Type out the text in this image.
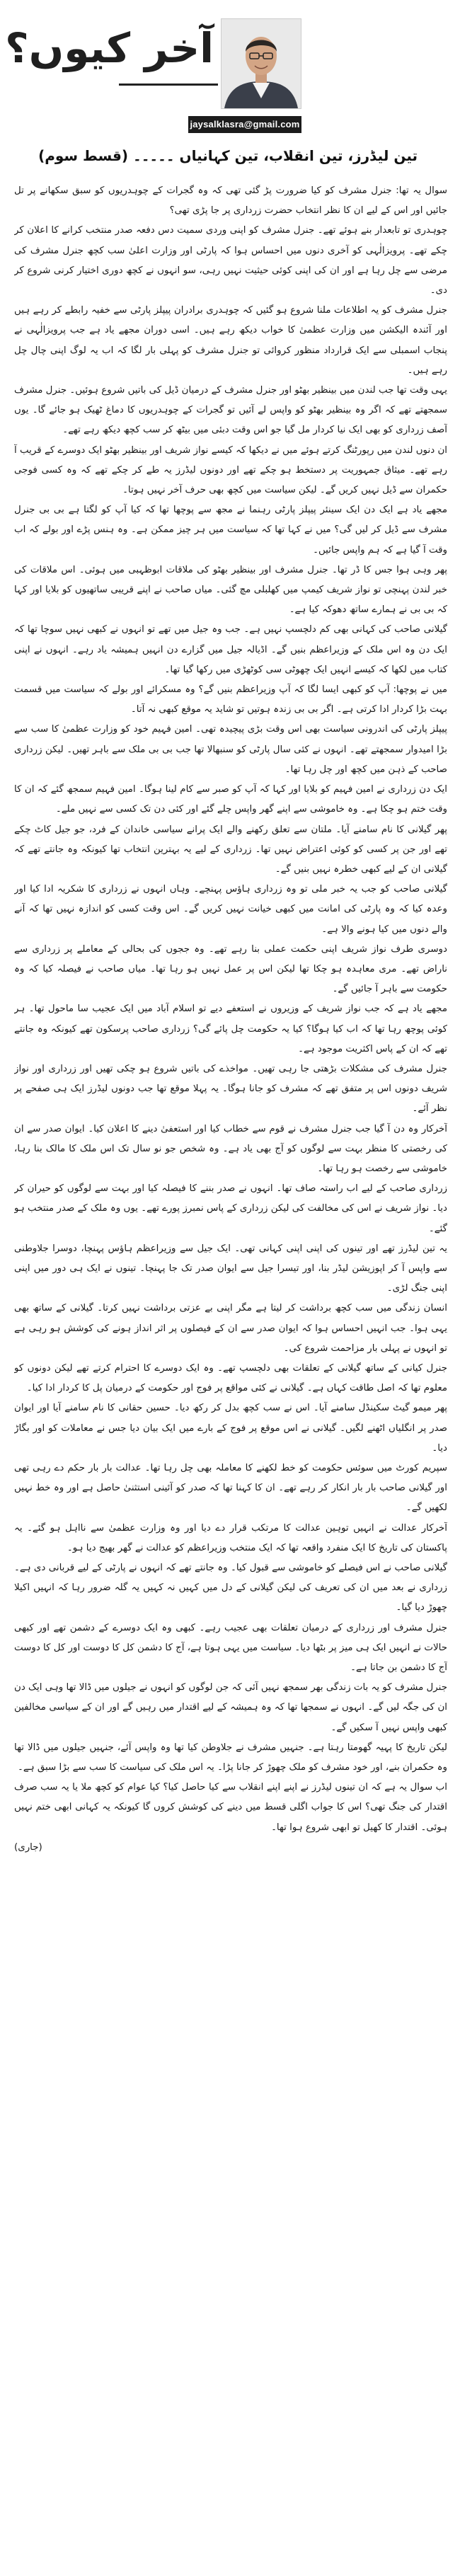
آخر کیوں؟
jaysalklasra@gmail.com
تین لیڈرز، تین انقلاب، تین کہانیاں ۔۔۔۔۔ (قسط سوم)

سوال یہ تھا: جنرل مشرف کو کیا ضرورت پڑ گئی تھی کہ وہ گجرات کے چوہدریوں کو سبق سکھانے پر تل جائیں اور اس کے لیے ان کا نظر انتخاب حضرت زرداری پر جا پڑی تھی؟

چوہدری تو تابعدار بنے ہوئے تھے۔ جنرل مشرف کو اپنی وردی سمیت دس دفعہ صدر منتخب کرانے کا اعلان کر چکے تھے۔ پرویزالٰہی کو آخری دنوں میں احساس ہوا کہ پارٹی اور وزارت اعلیٰ سب کچھ جنرل مشرف کی مرضی سے چل رہا ہے اور ان کی اپنی کوئی حیثیت نہیں رہی، سو انہوں نے کچھ دوری اختیار کرنی شروع کر دی۔

جنرل مشرف کو یہ اطلاعات ملنا شروع ہو گئیں کہ چوہدری برادران پیپلز پارٹی سے خفیہ رابطے کر رہے ہیں اور آئندہ الیکشن میں وزارت عظمیٰ کا خواب دیکھ رہے ہیں۔ اسی دوران مجھے یاد ہے جب پرویزالٰہی نے پنجاب اسمبلی سے ایک قرارداد منظور کروائی تو جنرل مشرف کو پہلی بار لگا کہ اب یہ لوگ اپنی چال چل رہے ہیں۔

یہی وقت تھا جب لندن میں بینظیر بھٹو اور جنرل مشرف کے درمیان ڈیل کی باتیں شروع ہوئیں۔ جنرل مشرف سمجھتے تھے کہ اگر وہ بینظیر بھٹو کو واپس لے آئیں تو گجرات کے چوہدریوں کا دماغ ٹھیک ہو جائے گا۔ یوں آصف زرداری کو بھی ایک نیا کردار مل گیا جو اس وقت دبئی میں بیٹھ کر سب کچھ دیکھ رہے تھے۔

ان دنوں لندن میں رپورٹنگ کرتے ہوئے میں نے دیکھا کہ کیسے نواز شریف اور بینظیر بھٹو ایک دوسرے کے قریب آ رہے تھے۔ میثاق جمہوریت پر دستخط ہو چکے تھے اور دونوں لیڈرز یہ طے کر چکے تھے کہ وہ کسی فوجی حکمران سے ڈیل نہیں کریں گے۔ لیکن سیاست میں کچھ بھی حرف آخر نہیں ہوتا۔

مجھے یاد ہے ایک دن ایک سینئر پیپلز پارٹی رہنما نے مجھ سے پوچھا تھا کہ کیا آپ کو لگتا ہے بی بی جنرل مشرف سے ڈیل کر لیں گی؟ میں نے کہا تھا کہ سیاست میں ہر چیز ممکن ہے۔ وہ ہنس پڑے اور بولے کہ اب وقت آ گیا ہے کہ ہم واپس جائیں۔

پھر وہی ہوا جس کا ڈر تھا۔ جنرل مشرف اور بینظیر بھٹو کی ملاقات ابوظہبی میں ہوئی۔ اس ملاقات کی خبر لندن پہنچی تو نواز شریف کیمپ میں کھلبلی مچ گئی۔ میاں صاحب نے اپنے قریبی ساتھیوں کو بلایا اور کہا کہ بی بی نے ہمارے ساتھ دھوکہ کیا ہے۔

گیلانی صاحب کی کہانی بھی کم دلچسپ نہیں ہے۔ جب وہ جیل میں تھے تو انہوں نے کبھی نہیں سوچا تھا کہ ایک دن وہ اس ملک کے وزیراعظم بنیں گے۔ اڈیالہ جیل میں گزارے دن انہیں ہمیشہ یاد رہے۔ انہوں نے اپنی کتاب میں لکھا کہ کیسے انہیں ایک چھوٹی سی کوٹھڑی میں رکھا گیا تھا۔

میں نے پوچھا: آپ کو کبھی ایسا لگا کہ آپ وزیراعظم بنیں گے؟ وہ مسکرائے اور بولے کہ سیاست میں قسمت بہت بڑا کردار ادا کرتی ہے۔ اگر بی بی زندہ ہوتیں تو شاید یہ موقع کبھی نہ آتا۔

پیپلز پارٹی کی اندرونی سیاست بھی اس وقت بڑی پیچیدہ تھی۔ امین فہیم خود کو وزارت عظمیٰ کا سب سے بڑا امیدوار سمجھتے تھے۔ انہوں نے کئی سال پارٹی کو سنبھالا تھا جب بی بی ملک سے باہر تھیں۔ لیکن زرداری صاحب کے ذہن میں کچھ اور چل رہا تھا۔

ایک دن زرداری نے امین فہیم کو بلایا اور کہا کہ آپ کو صبر سے کام لینا ہوگا۔ امین فہیم سمجھ گئے کہ ان کا وقت ختم ہو چکا ہے۔ وہ خاموشی سے اپنے گھر واپس چلے گئے اور کئی دن تک کسی سے نہیں ملے۔

پھر گیلانی کا نام سامنے آیا۔ ملتان سے تعلق رکھنے والے ایک پرانے سیاسی خاندان کے فرد، جو جیل کاٹ چکے تھے اور جن پر کسی کو کوئی اعتراض نہیں تھا۔ زرداری کے لیے یہ بہترین انتخاب تھا کیونکہ وہ جانتے تھے کہ گیلانی ان کے لیے کبھی خطرہ نہیں بنیں گے۔

گیلانی صاحب کو جب یہ خبر ملی تو وہ زرداری ہاؤس پہنچے۔ وہاں انہوں نے زرداری کا شکریہ ادا کیا اور وعدہ کیا کہ وہ پارٹی کی امانت میں کبھی خیانت نہیں کریں گے۔ اس وقت کسی کو اندازہ نہیں تھا کہ آنے والے دنوں میں کیا ہونے والا ہے۔

دوسری طرف نواز شریف اپنی حکمت عملی بنا رہے تھے۔ وہ ججوں کی بحالی کے معاملے پر زرداری سے ناراض تھے۔ مری معاہدہ ہو چکا تھا لیکن اس پر عمل نہیں ہو رہا تھا۔ میاں صاحب نے فیصلہ کیا کہ وہ حکومت سے باہر آ جائیں گے۔

مجھے یاد ہے کہ جب نواز شریف کے وزیروں نے استعفے دیے تو اسلام آباد میں ایک عجیب سا ماحول تھا۔ ہر کوئی پوچھ رہا تھا کہ اب کیا ہوگا؟ کیا یہ حکومت چل پائے گی؟ زرداری صاحب پرسکون تھے کیونکہ وہ جانتے تھے کہ ان کے پاس اکثریت موجود ہے۔

جنرل مشرف کی مشکلات بڑھتی جا رہی تھیں۔ مواخذے کی باتیں شروع ہو چکی تھیں اور زرداری اور نواز شریف دونوں اس پر متفق تھے کہ مشرف کو جانا ہوگا۔ یہ پہلا موقع تھا جب دونوں لیڈرز ایک ہی صفحے پر نظر آئے۔

آخرکار وہ دن آ گیا جب جنرل مشرف نے قوم سے خطاب کیا اور استعفیٰ دینے کا اعلان کیا۔ ایوان صدر سے ان کی رخصتی کا منظر بہت سے لوگوں کو آج بھی یاد ہے۔ وہ شخص جو نو سال تک اس ملک کا مالک بنا رہا، خاموشی سے رخصت ہو رہا تھا۔

زرداری صاحب کے لیے اب راستہ صاف تھا۔ انہوں نے صدر بننے کا فیصلہ کیا اور بہت سے لوگوں کو حیران کر دیا۔ نواز شریف نے اس کی مخالفت کی لیکن زرداری کے پاس نمبرز پورے تھے۔ یوں وہ ملک کے صدر منتخب ہو گئے۔

یہ تین لیڈرز تھے اور تینوں کی اپنی اپنی کہانی تھی۔ ایک جیل سے وزیراعظم ہاؤس پہنچا، دوسرا جلاوطنی سے واپس آ کر اپوزیشن لیڈر بنا، اور تیسرا جیل سے ایوان صدر تک جا پہنچا۔ تینوں نے ایک ہی دور میں اپنی اپنی جنگ لڑی۔

انسان زندگی میں سب کچھ برداشت کر لیتا ہے مگر اپنی بے عزتی برداشت نہیں کرتا۔ گیلانی کے ساتھ بھی یہی ہوا۔ جب انہیں احساس ہوا کہ ایوان صدر سے ان کے فیصلوں پر اثر انداز ہونے کی کوشش ہو رہی ہے تو انہوں نے پہلی بار مزاحمت شروع کی۔

جنرل کیانی کے ساتھ گیلانی کے تعلقات بھی دلچسپ تھے۔ وہ ایک دوسرے کا احترام کرتے تھے لیکن دونوں کو معلوم تھا کہ اصل طاقت کہاں ہے۔ گیلانی نے کئی مواقع پر فوج اور حکومت کے درمیان پل کا کردار ادا کیا۔

پھر میمو گیٹ سکینڈل سامنے آیا۔ اس نے سب کچھ بدل کر رکھ دیا۔ حسین حقانی کا نام سامنے آیا اور ایوان صدر پر انگلیاں اٹھنے لگیں۔ گیلانی نے اس موقع پر فوج کے بارے میں ایک بیان دیا جس نے معاملات کو اور بگاڑ دیا۔

سپریم کورٹ میں سوئس حکومت کو خط لکھنے کا معاملہ بھی چل رہا تھا۔ عدالت بار بار حکم دے رہی تھی اور گیلانی صاحب بار بار انکار کر رہے تھے۔ ان کا کہنا تھا کہ صدر کو آئینی استثنیٰ حاصل ہے اور وہ خط نہیں لکھیں گے۔

آخرکار عدالت نے انہیں توہین عدالت کا مرتکب قرار دے دیا اور وہ وزارت عظمیٰ سے نااہل ہو گئے۔ یہ پاکستان کی تاریخ کا ایک منفرد واقعہ تھا کہ ایک منتخب وزیراعظم کو عدالت نے گھر بھیج دیا ہو۔

گیلانی صاحب نے اس فیصلے کو خاموشی سے قبول کیا۔ وہ جانتے تھے کہ انہوں نے پارٹی کے لیے قربانی دی ہے۔ زرداری نے بعد میں ان کی تعریف کی لیکن گیلانی کے دل میں کہیں نہ کہیں یہ گلہ ضرور رہا کہ انہیں اکیلا چھوڑ دیا گیا۔

جنرل مشرف اور زرداری کے درمیان تعلقات بھی عجیب رہے۔ کبھی وہ ایک دوسرے کے دشمن تھے اور کبھی حالات نے انہیں ایک ہی میز پر بٹھا دیا۔ سیاست میں یہی ہوتا ہے، آج کا دشمن کل کا دوست اور کل کا دوست آج کا دشمن بن جاتا ہے۔

جنرل مشرف کو یہ بات زندگی بھر سمجھ نہیں آئی کہ جن لوگوں کو انہوں نے جیلوں میں ڈالا تھا وہی ایک دن ان کی جگہ لیں گے۔ انہوں نے سمجھا تھا کہ وہ ہمیشہ کے لیے اقتدار میں رہیں گے اور ان کے سیاسی مخالفین کبھی واپس نہیں آ سکیں گے۔

لیکن تاریخ کا پہیہ گھومتا رہتا ہے۔ جنہیں مشرف نے جلاوطن کیا تھا وہ واپس آئے، جنہیں جیلوں میں ڈالا تھا وہ حکمران بنے، اور خود مشرف کو ملک چھوڑ کر جانا پڑا۔ یہ اس ملک کی سیاست کا سب سے بڑا سبق ہے۔

اب سوال یہ ہے کہ ان تینوں لیڈرز نے اپنے اپنے انقلاب سے کیا حاصل کیا؟ کیا عوام کو کچھ ملا یا یہ سب صرف اقتدار کی جنگ تھی؟ اس کا جواب اگلی قسط میں دینے کی کوشش کروں گا کیونکہ یہ کہانی ابھی ختم نہیں ہوئی۔ اقتدار کا کھیل تو ابھی شروع ہوا تھا۔

(جاری)
